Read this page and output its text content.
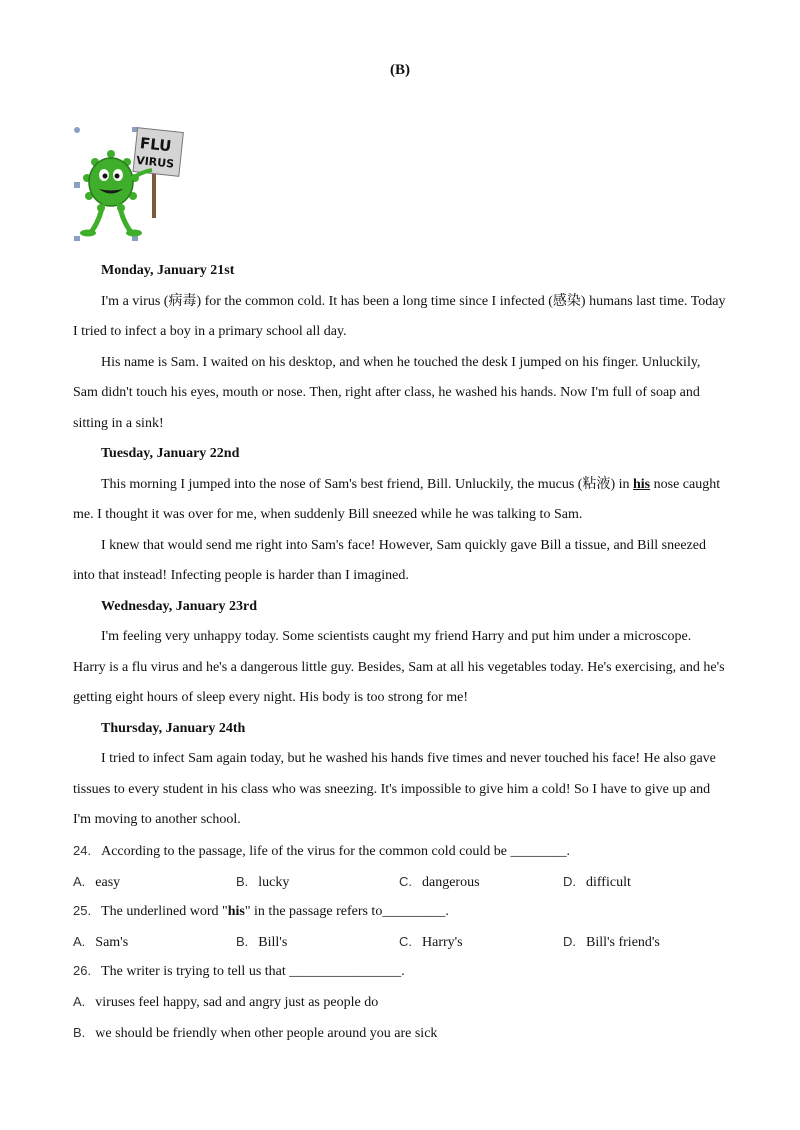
(B)
FLU
VIRUS

Monday, January 21st

I'm a virus (病毒) for the common cold. It has been a long time since I infected (感染) humans last time. Today I tried to infect a boy in a primary school all day.

His name is Sam. I waited on his desktop, and when he touched the desk I jumped on his finger. Unluckily, Sam didn't touch his eyes, mouth or nose. Then, right after class, he washed his hands. Now I'm full of soap and sitting in a sink!

Tuesday, January 22nd

This morning I jumped into the nose of Sam's best friend, Bill. Unluckily, the mucus (粘液) in his nose caught me. I thought it was over for me, when suddenly Bill sneezed while he was talking to Sam.

I knew that would send me right into Sam's face! However, Sam quickly gave Bill a tissue, and Bill sneezed into that instead! Infecting people is harder than I imagined.

Wednesday, January 23rd

I'm feeling very unhappy today. Some scientists caught my friend Harry and put him under a microscope. Harry is a flu virus and he's a dangerous little guy. Besides, Sam at all his vegetables today. He's exercising, and he's getting eight hours of sleep every night. His body is too strong for me!

Thursday, January 24th

I tried to infect Sam again today, but he washed his hands five times and never touched his face! He also gave tissues to every student in his class who was sneezing. It's impossible to give him a cold! So I have to give up and I'm moving to another school.

24. According to the passage, life of the virus for the common cold could be ________.

A. easy	B. lucky	C. dangerous	D. difficult

25. The underlined word "his" in the passage refers to_________.

A. Sam's	B. Bill's	C. Harry's	D. Bill's friend's

26. The writer is trying to tell us that ________________.

A. viruses feel happy, sad and angry just as people do

B. we should be friendly when other people around you are sick
